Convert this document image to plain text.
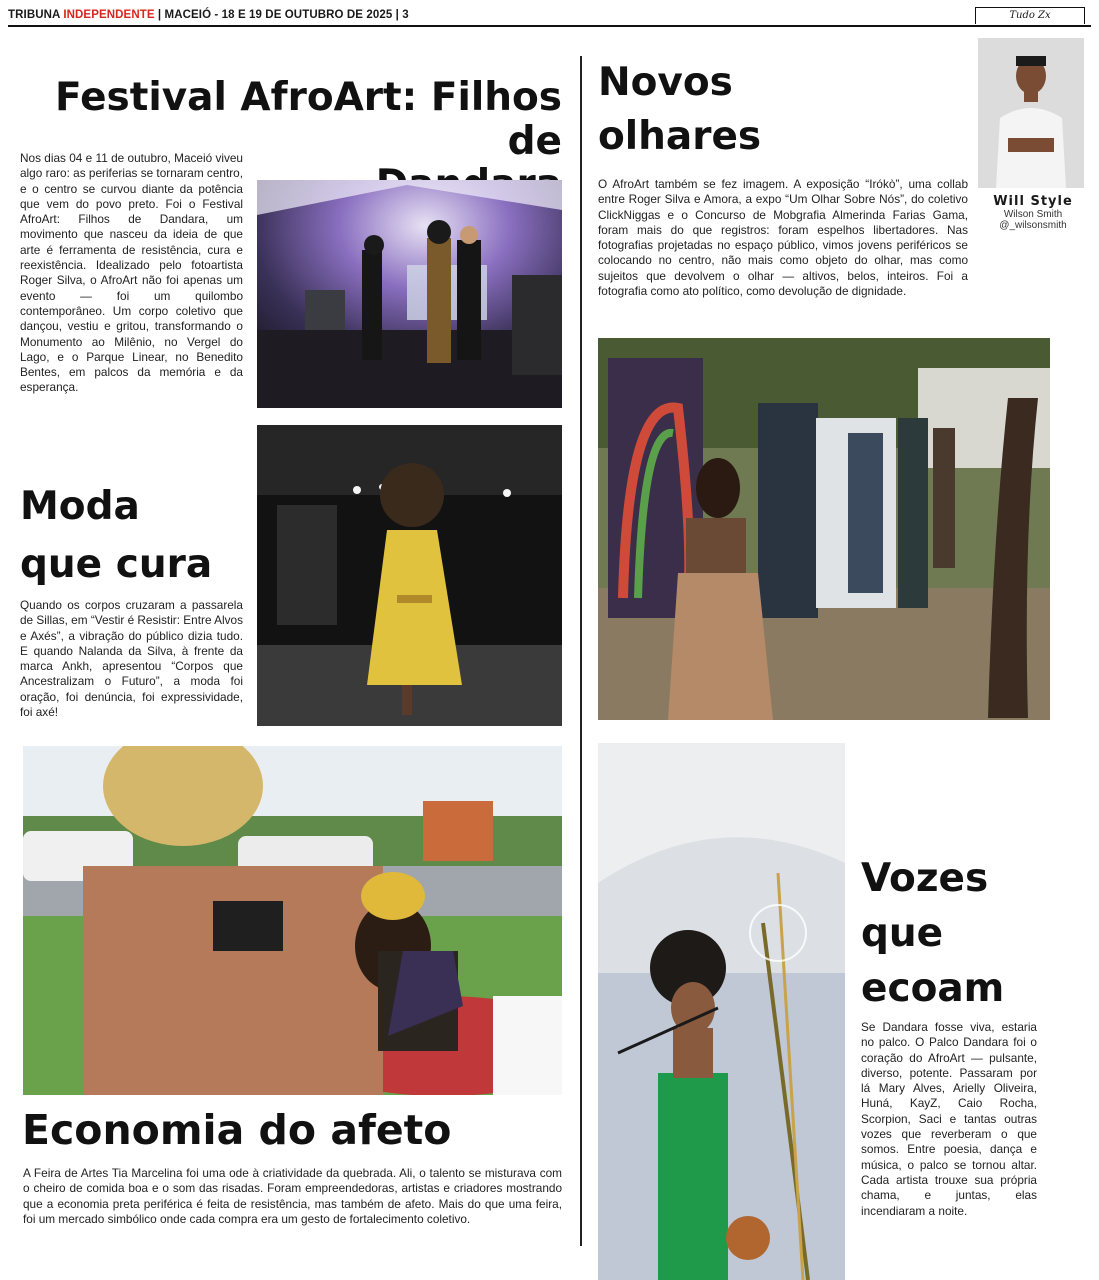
TRIBUNA INDEPENDENTE | MACEIÓ - 18 E 19 DE OUTUBRO DE 2025 | 3	Tudo Zx
Festival AfroArt: Filhos de
Nos dias 04 e 11 de outubro, Maceió viveu algo raro: as periferias se tornaram centro, e o centro se curvou diante da potência que vem do povo preto. Foi o Festival AfroArt: Filhos de Dandara, um movimento que nasceu da ideia de que arte é ferramenta de resistência, cura e reexistência. Idealizado pelo fotoartista Roger Silva, o AfroArt não foi apenas um evento — foi um quilombo contemporâneo. Um corpo coletivo que dançou, vestiu e gritou, transformando o Monumento ao Milênio, no Vergel do Lago, e o Parque Linear, no Benedito Bentes, em palcos da memória e da esperança.
Moda
que cura
Quando os corpos cruzaram a passarela de Sillas, em “Vestir é Resistir: Entre Alvos e Axés”, a vibração do público dizia tudo. E quando Nalanda da Silva, à frente da marca Ankh, apresentou “Corpos que Ancestralizam o Futuro”, a moda foi oração, foi denúncia, foi expressividade, foi axé!
Economia do afeto
A Feira de Artes Tia Marcelina foi uma ode à criatividade da quebrada. Ali, o talento se misturava com o cheiro de comida boa e o som das risadas. Foram empreendedoras, artistas e criadores mostrando que a economia preta periférica é feita de resistência, mas também de afeto. Mais do que uma feira, foi um mercado simbólico onde cada compra era um gesto de fortalecimento coletivo.
Novos
olhares
O AfroArt também se fez imagem. A exposição “Irókò”, uma collab entre Roger Silva e Amora, a expo “Um Olhar Sobre Nós”, do coletivo ClickNiggas e o Concurso de Mobgrafia Almerinda Farias Gama, foram mais do que registros: foram espelhos libertadores. Nas fotografias projetadas no espaço público, vimos jovens periféricos se colocando no centro, não mais como objeto do olhar, mas como sujeitos que devolvem o olhar — altivos, belos, inteiros. Foi a fotografia como ato político, como devolução de dignidade.
Will Style
Wilson Smith
@_wilsonsmith
Vozes
que
ecoam
Se Dandara fosse viva, estaria no palco. O Palco Dandara foi o coração do AfroArt — pulsante, diverso, potente. Passaram por lá Mary Alves, Arielly Oliveira, Huná, KayZ, Caio Rocha, Scorpion, Saci e tantas outras vozes que reverberam o que somos. Entre poesia, dança e música, o palco se tornou altar. Cada artista trouxe sua própria chama, e juntas, elas incendiaram a noite.
